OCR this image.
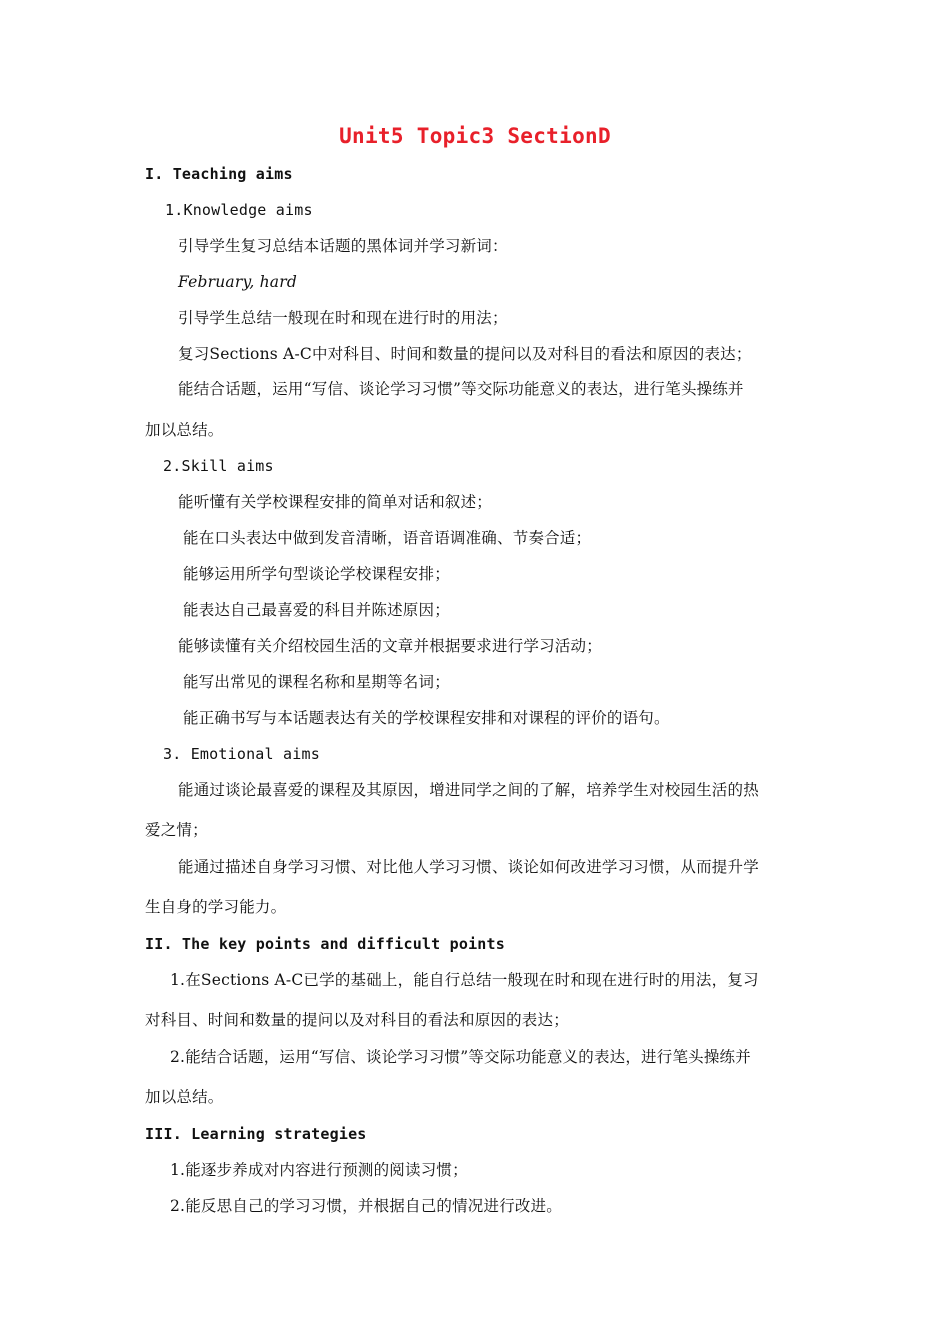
Unit5 Topic3 SectionD
I. Teaching aims
1.Knowledge aims
引导学生复习总结本话题的黑体词并学习新词：
February, hard
引导学生总结一般现在时和现在进行时的用法；
复习Sections A-C中对科目、时间和数量的提问以及对科目的看法和原因的表达；
能结合话题，运用“写信、谈论学习习惯”等交际功能意义的表达，进行笔头操练并
加以总结。
2.Skill aims
能听懂有关学校课程安排的简单对话和叙述；
能在口头表达中做到发音清晰，语音语调准确、节奏合适；
能够运用所学句型谈论学校课程安排；
能表达自己最喜爱的科目并陈述原因；
能够读懂有关介绍校园生活的文章并根据要求进行学习活动；
能写出常见的课程名称和星期等名词；
能正确书写与本话题表达有关的学校课程安排和对课程的评价的语句。
3. Emotional aims
能通过谈论最喜爱的课程及其原因，增进同学之间的了解，培养学生对校园生活的热
爱之情；
能通过描述自身学习习惯、对比他人学习习惯、谈论如何改进学习习惯，从而提升学
生自身的学习能力。
II. The key points and difficult points
1.在Sections A-C已学的基础上，能自行总结一般现在时和现在进行时的用法，复习
对科目、时间和数量的提问以及对科目的看法和原因的表达；
2.能结合话题，运用“写信、谈论学习习惯”等交际功能意义的表达，进行笔头操练并
加以总结。
III. Learning strategies
1.能逐步养成对内容进行预测的阅读习惯；
2.能反思自己的学习习惯，并根据自己的情况进行改进。
